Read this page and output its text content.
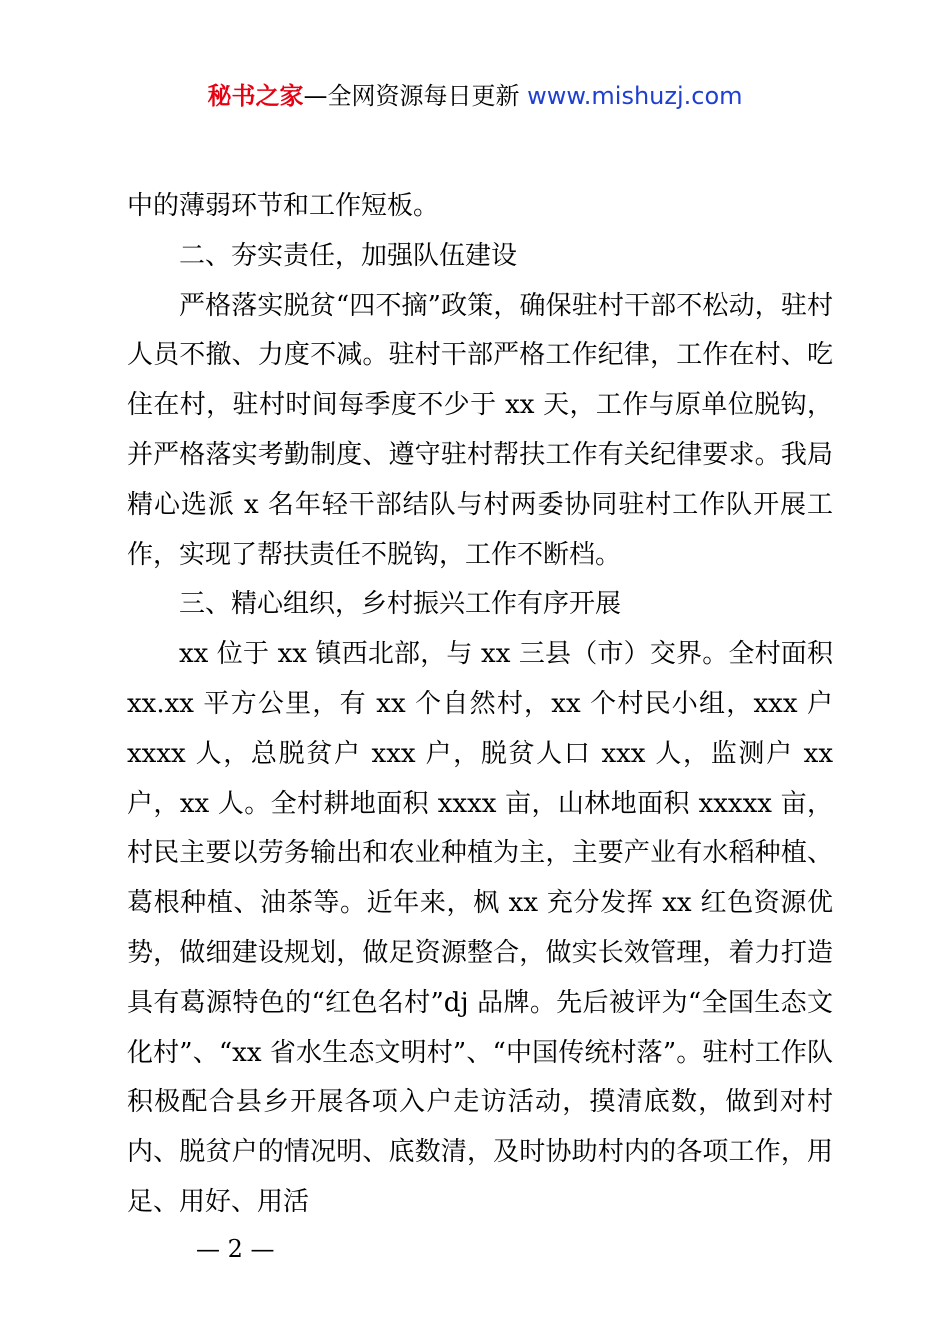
秘书之家—全网资源每日更新 www.mishuzj.com

中的薄弱环节和工作短板。

二、夯实责任，加强队伍建设

严格落实脱贫“四不摘”政策，确保驻村干部不松动，驻村人员不撤、力度不减。驻村干部严格工作纪律，工作在村、吃住在村，驻村时间每季度不少于 xx 天，工作与原单位脱钩，并严格落实考勤制度、遵守驻村帮扶工作有关纪律要求。我局精心选派 x 名年轻干部结队与村两委协同驻村工作队开展工作，实现了帮扶责任不脱钩，工作不断档。

三、精心组织，乡村振兴工作有序开展

xx 位于 xx 镇西北部，与 xx 三县（市）交界。全村面积 xx.xx 平方公里，有 xx 个自然村，xx 个村民小组，xxx 户 xxxx 人，总脱贫户 xxx 户，脱贫人口 xxx 人，监测户 xx 户，xx 人。全村耕地面积 xxxx 亩，山林地面积 xxxxx 亩，村民主要以劳务输出和农业种植为主，主要产业有水稻种植、葛根种植、油茶等。近年来，枫 xx 充分发挥 xx 红色资源优势，做细建设规划，做足资源整合，做实长效管理，着力打造具有葛源特色的“红色名村”dj 品牌。先后被评为“全国生态文化村”、“xx 省水生态文明村”、“中国传统村落”。驻村工作队积极配合县乡开展各项入户走访活动，摸清底数，做到对村内、脱贫户的情况明、底数清，及时协助村内的各项工作，用足、用好、用活

— 2 —
